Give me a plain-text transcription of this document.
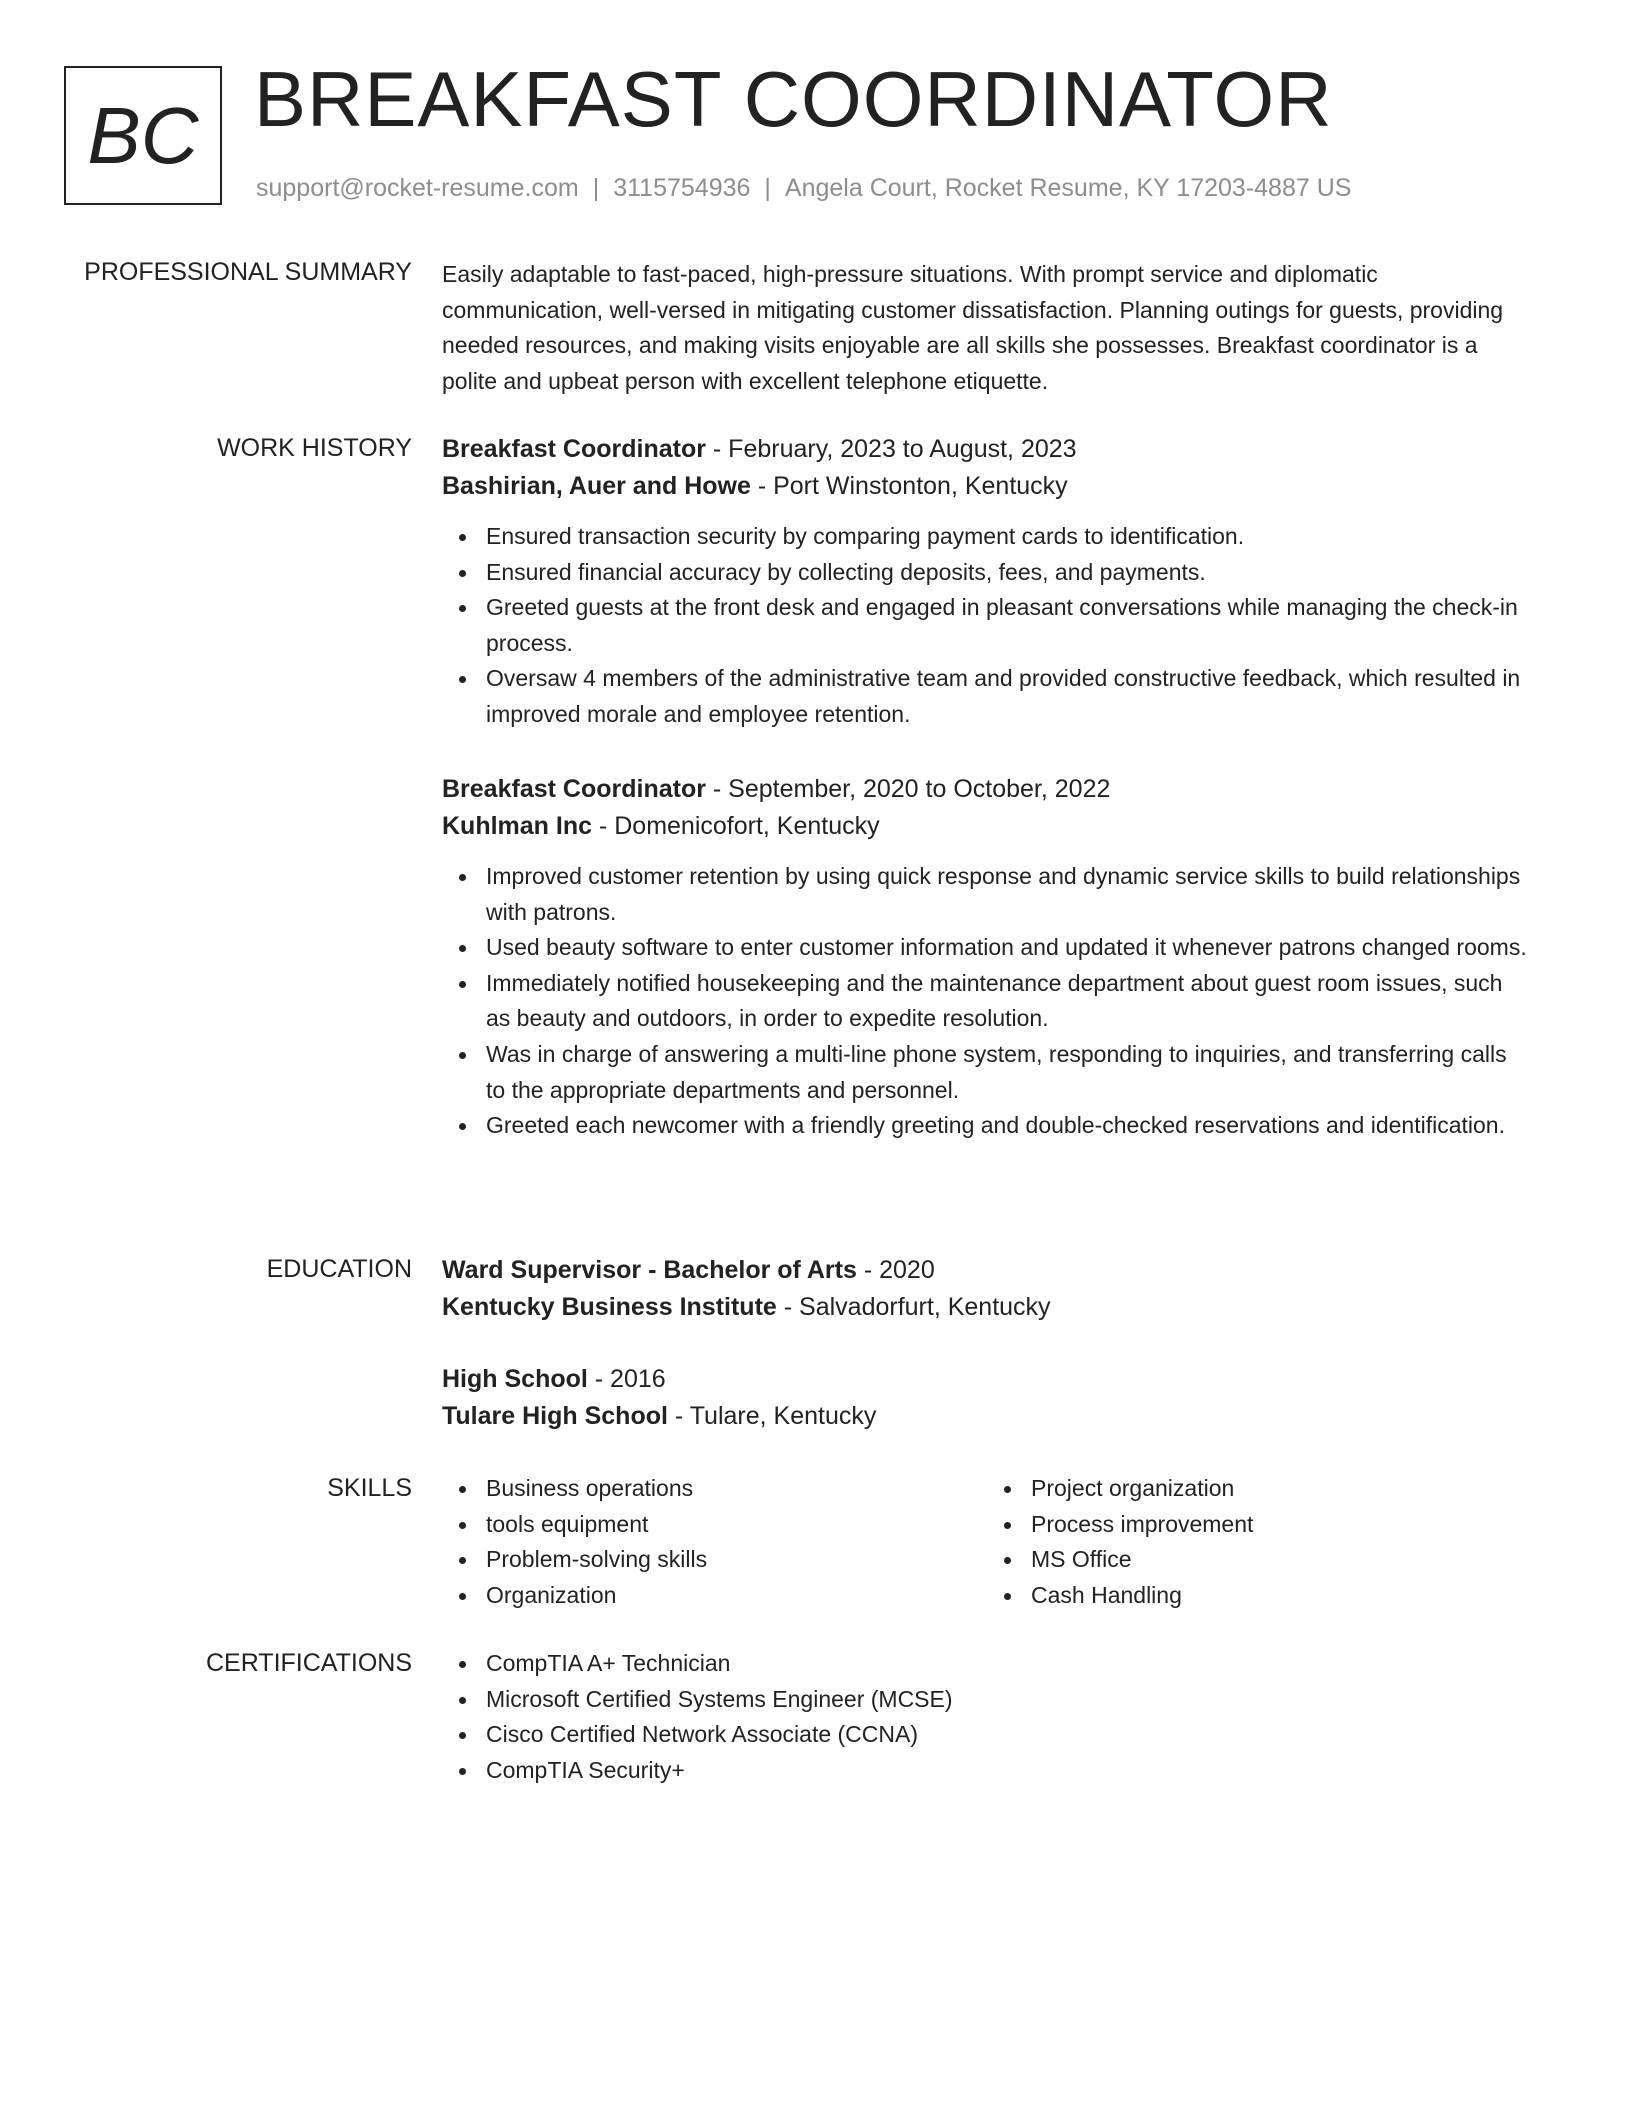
BC BREAKFAST COORDINATOR
support@rocket-resume.com | 3115754936 | Angela Court, Rocket Resume, KY 17203-4887 US
PROFESSIONAL SUMMARY Easily adaptable to fast-paced, high-pressure situations. With prompt service and diplomatic communication, well-versed in mitigating customer dissatisfaction. Planning outings for guests, providing needed resources, and making visits enjoyable are all skills she possesses. Breakfast coordinator is a polite and upbeat person with excellent telephone etiquette.

WORK HISTORY Breakfast Coordinator - February, 2023 to August, 2023
Bashirian, Auer and Howe - Port Winstonton, Kentucky
Ensured transaction security by comparing payment cards to identification.
Ensured financial accuracy by collecting deposits, fees, and payments.
Greeted guests at the front desk and engaged in pleasant conversations while managing the check-in process.
Oversaw 4 members of the administrative team and provided constructive feedback, which resulted in improved morale and employee retention.
Breakfast Coordinator - September, 2020 to October, 2022
Kuhlman Inc - Domenicofort, Kentucky
Improved customer retention by using quick response and dynamic service skills to build relationships with patrons.
Used beauty software to enter customer information and updated it whenever patrons changed rooms.
Immediately notified housekeeping and the maintenance department about guest room issues, such as beauty and outdoors, in order to expedite resolution.
Was in charge of answering a multi-line phone system, responding to inquiries, and transferring calls to the appropriate departments and personnel.
Greeted each newcomer with a friendly greeting and double-checked reservations and identification.
EDUCATION Ward Supervisor - Bachelor of Arts - 2020
Kentucky Business Institute - Salvadorfurt, Kentucky
High School - 2016
Tulare High School - Tulare, Kentucky
SKILLS	Business operations
tools equipment
Problem-solving skills
Organization
Project organization
Process improvement
MS Office
Cash Handling
CERTIFICATIONS	CompTIA A+ Technician
Microsoft Certified Systems Engineer (MCSE)
Cisco Certified Network Associate (CCNA)
CompTIA Security+
